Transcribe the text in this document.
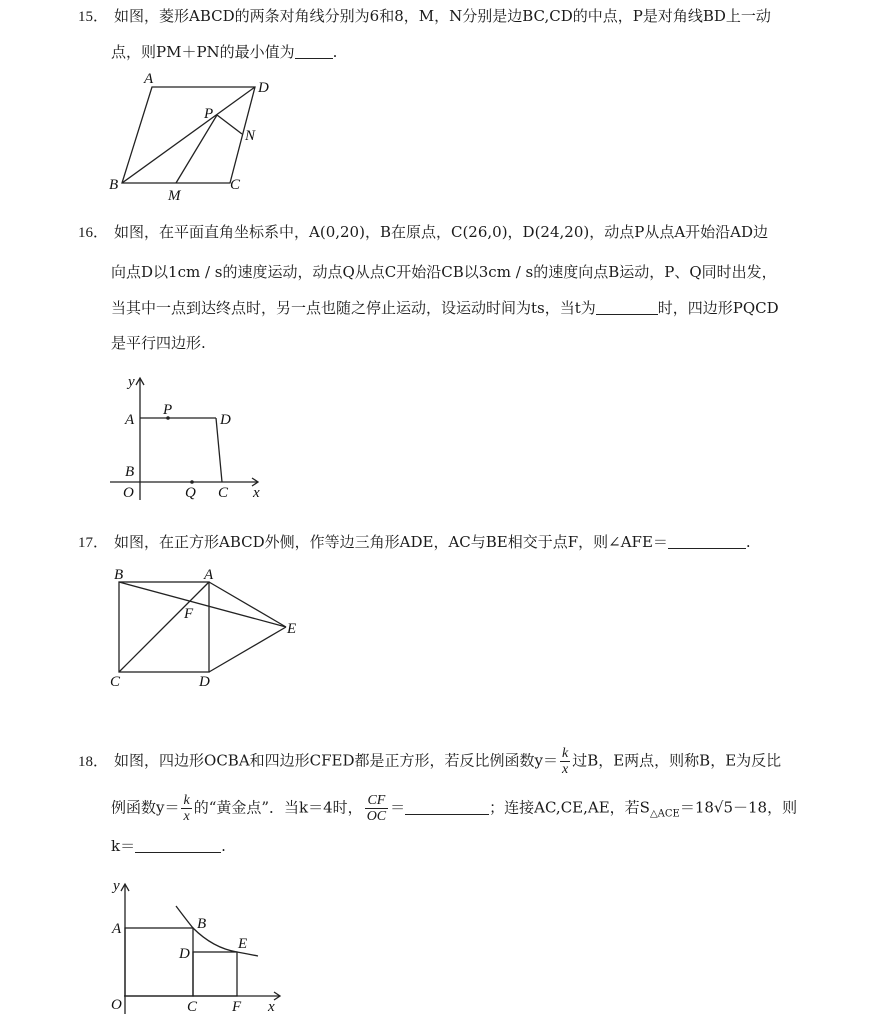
15． 如图，菱形ABCD的两条对角线分别为6和8，M，N分别是边BC,CD的中点，P是对角线BD上一动
点，则PM＋PN的最小值为	.
A
D
P
N
B
M
C
16． 如图，在平面直角坐标系中，A(0,20)，B在原点，C(26,0)，D(24,20)，动点P从点A开始沿AD边
向点D以1cm / s的速度运动，动点Q从点C开始沿CB以3cm / s的速度向点B运动，P、Q同时出发，
当其中一点到达终点时，另一点也随之停止运动，设运动时间为ts，当t为	时，四边形PQCD
是平行四边形.
y
A
P
D
B
O	Q C x
17． 如图，在正方形ABCD外侧，作等边三角形ADE，AC与BE相交于点F，则∠AFE＝	.
B	A
F
E
C	D
18． 如图，四边形OCBA和四边形CFED都是正方形，若反比例函数$y= \frac{k}{x}$ 过B，E两点，则称B，E为反比
例函数$y= \frac{k}{x}$ 的“黄金点”．当k＝4时， $\frac{CF}{OC}$ ＝	；连接AC,CE,AE，若$S_{\triangle ACE}=18√5-18$，则
k＝	.
y
A	B
D
E
O	C F x
